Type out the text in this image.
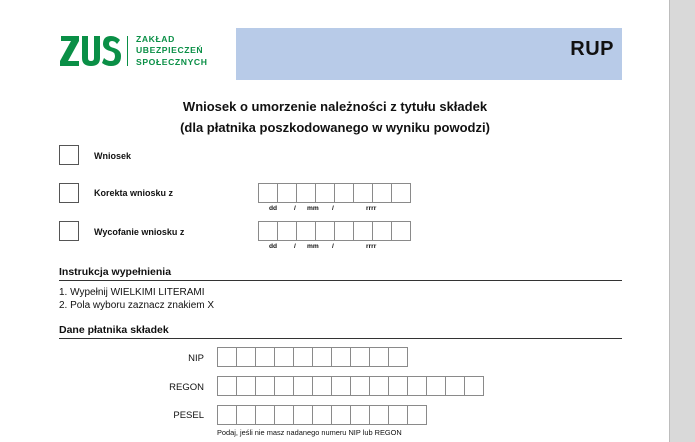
ZAKŁAD
UBEZPIECZEŃ
SPOŁECZNYCH
RUP
Wniosek o umorzenie należności z tytułu składek
(dla płatnika poszkodowanego w wyniku powodzi)
Wniosek
Korekta wniosku z
dd	/ mm /	rrrr
Wycofanie wniosku z
dd	/ mm /	rrrr
Instrukcja wypełnienia
1. Wypełnij WIELKIMI LITERAMI
2. Pola wyboru zaznacz znakiem X
Dane płatnika składek
NIP
REGON
PESEL
Podaj, jeśli nie masz nadanego numeru NIP lub REGON
